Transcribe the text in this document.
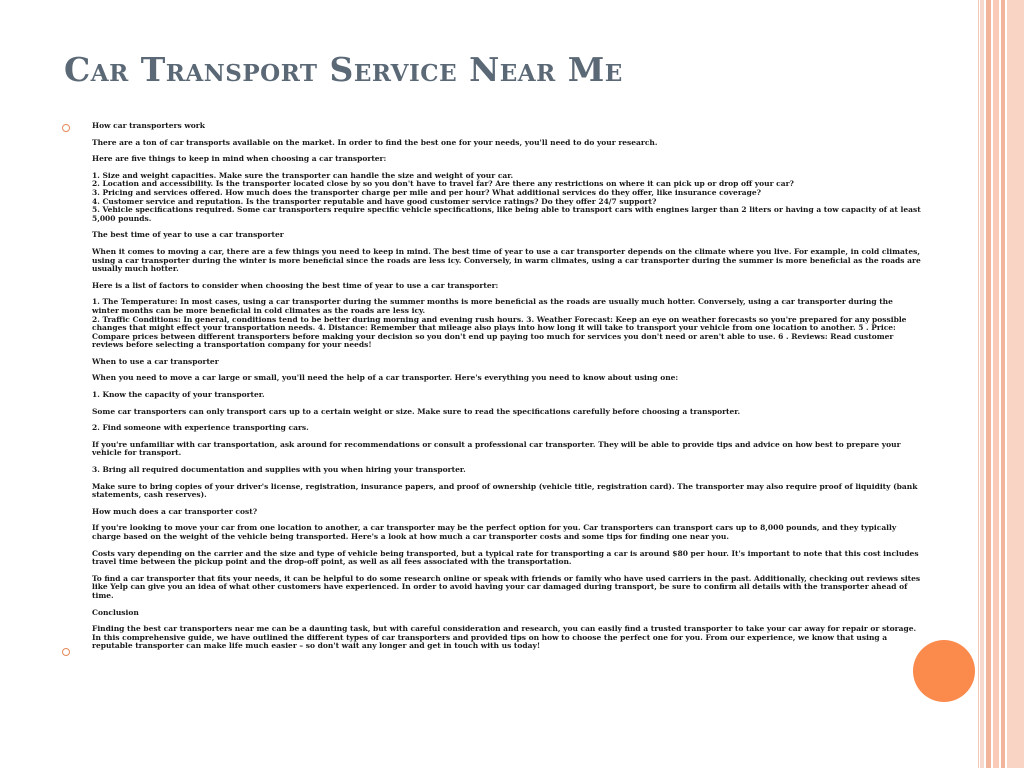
Car Transport Service Near Me

How car transporters work

There are a ton of car transports available on the market. In order to find the best one for your needs, you'll need to do your research.

Here are five things to keep in mind when choosing a car transporter:

1. Size and weight capacities. Make sure the transporter can handle the size and weight of your car.
2. Location and accessibility. Is the transporter located close by so you don't have to travel far? Are there any restrictions on where it can pick up or drop off your car?
3. Pricing and services offered. How much does the transporter charge per mile and per hour? What additional services do they offer, like insurance coverage?
4. Customer service and reputation. Is the transporter reputable and have good customer service ratings? Do they offer 24/7 support?
5. Vehicle specifications required. Some car transporters require specific vehicle specifications, like being able to transport cars with engines larger than 2 liters or having a tow capacity of at least 5,000 pounds.

The best time of year to use a car transporter

When it comes to moving a car, there are a few things you need to keep in mind. The best time of year to use a car transporter depends on the climate where you live. For example, in cold climates, using a car transporter during the winter is more beneficial since the roads are less icy. Conversely, in warm climates, using a car transporter during the summer is more beneficial as the roads are usually much hotter.

Here is a list of factors to consider when choosing the best time of year to use a car transporter:

1. The Temperature: In most cases, using a car transporter during the summer months is more beneficial as the roads are usually much hotter. Conversely, using a car transporter during the winter months can be more beneficial in cold climates as the roads are less icy.
2. Traffic Conditions: In general, conditions tend to be better during morning and evening rush hours. 3. Weather Forecast: Keep an eye on weather forecasts so you're prepared for any possible changes that might effect your transportation needs. 4. Distance: Remember that mileage also plays into how long it will take to transport your vehicle from one location to another. 5 . Price: Compare prices between different transporters before making your decision so you don't end up paying too much for services you don't need or aren't able to use. 6 . Reviews: Read customer reviews before selecting a transportation company for your needs!

When to use a car transporter

When you need to move a car large or small, you'll need the help of a car transporter. Here's everything you need to know about using one:

1. Know the capacity of your transporter.

Some car transporters can only transport cars up to a certain weight or size. Make sure to read the specifications carefully before choosing a transporter.

2. Find someone with experience transporting cars.

If you're unfamiliar with car transportation, ask around for recommendations or consult a professional car transporter. They will be able to provide tips and advice on how best to prepare your vehicle for transport.

3. Bring all required documentation and supplies with you when hiring your transporter.

Make sure to bring copies of your driver's license, registration, insurance papers, and proof of ownership (vehicle title, registration card). The transporter may also require proof of liquidity (bank statements, cash reserves).

How much does a car transporter cost?

If you're looking to move your car from one location to another, a car transporter may be the perfect option for you. Car transporters can transport cars up to 8,000 pounds, and they typically charge based on the weight of the vehicle being transported. Here's a look at how much a car transporter costs and some tips for finding one near you.

Costs vary depending on the carrier and the size and type of vehicle being transported, but a typical rate for transporting a car is around $80 per hour. It's important to note that this cost includes travel time between the pickup point and the drop-off point, as well as all fees associated with the transportation.

To find a car transporter that fits your needs, it can be helpful to do some research online or speak with friends or family who have used carriers in the past. Additionally, checking out reviews sites like Yelp can give you an idea of what other customers have experienced. In order to avoid having your car damaged during transport, be sure to confirm all details with the transporter ahead of time.

Conclusion

Finding the best car transporters near me can be a daunting task, but with careful consideration and research, you can easily find a trusted transporter to take your car away for repair or storage. In this comprehensive guide, we have outlined the different types of car transporters and provided tips on how to choose the perfect one for you. From our experience, we know that using a reputable transporter can make life much easier – so don't wait any longer and get in touch with us today!
